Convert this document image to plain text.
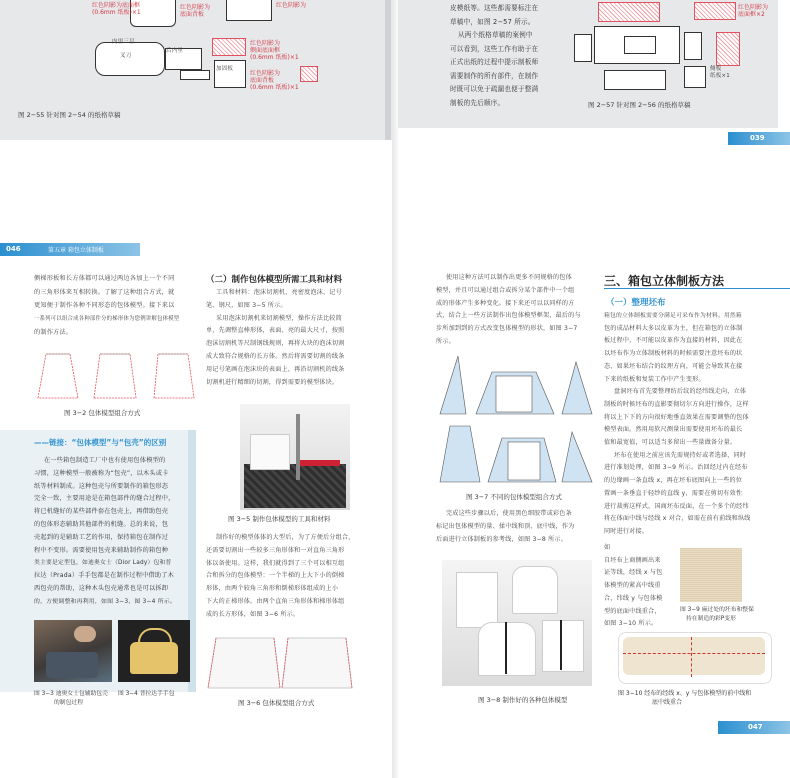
红色阴影为底面框
(0.6mm 纸板)×1
红色阴影为
底面背板
红色阴影为
内里三层
叉刀
后内里
加固板
红色阴影为
侧面底面框
(0.6mm 纸板)×1
红色阴影为
底面背板
(0.6mm 纸板)×1
图 2−55 针对图 2−54 的纸格草稿
皮模纸等。这些都需要标注在
草稿中，如图 2−57 所示。
从两个纸格草稿的案例中
可以看到，这些工作有助于在
正式出纸的过程中提示制板师
需要制作的所有部件，在制作
时既可以免于疏漏也便于整满
制板的先后顺序。
红色阴影为
底面框×2
侧板
纸板×1
图 2−57 针对图 2−56 的纸格草稿
039
046	第五章 箱包立体制板
侧梯形板和长方体都可以通过两边各加上一个不同
的三角形体来互相转换。了解了这种组合方式，就
更知便于制作各种不同形态的包体模型。接下来以
一系列可以组合成各种部件分的梯形体为您例讲解包体模型
的制作方法。
图 3−2 包体模型组合方式
——链接：“包体模型”与“包壳”的区别
在一些箱包制造工厂中也有使用包体模型的
习惯，这种模型一般被称为“包壳”，以木头或卡
纸等材料制成。这种包壳与所要制作的箱包形态
完全一致，主要用途是在箱包部件的缝合过程中，
将已机缝好的某些部件套在包壳上，再借助包壳
的包体形态辅助其他部件的机缝。总的来说，包
壳起到的是辅助工艺的作用，保持箱包在制作过
程中不变形。需要使用包壳来辅助制作的箱包种
类主要是定型包，如迪奥女士（Dior Lady）包和普
拉达（Prada）手手包都是在制作过程中借助了木
西包壳的帮助，这种木头包壳通常也是可以拆卸
的，方便调整和再利用，如图 3−3、图 3−4 所示。
图 3−3 迪奥女士包辅助包壳
的制包过程
图 3−4 普拉达手手包
（二）制作包体模型所需工具和材料
工具和材料：泡沫切割机、亮密度泡沫、记号
笔、钢尺，如图 3−5 所示。
采用泡沫切割机来切割模型，操作方法比较简
单，先调整直棒形体，表面、亮的最大尺寸，按照
泡沫切割机等尺制钢线规则，再将大块的泡沫切割
成大致符合规格的长方体。然后将需要切割的线条
用记号笔画在泡沫块的表面上，再沿切割机的线条
切割机进行精细的切割，得到需要的模型体块。
图 3−5 制作包体模型的工具和材料
制作好的模型体体的大型后，为了方便后分组合，
还需要切割出一些较多三角形体和一对直角三角形
体以备使用。这样，我们就得到了三个可以相互组
合和拆分的包体模型：一个半梯的上大下小的倒梯
形体，由两个较角三角形和倒梯形体组成的上小
下大的正梯形体，由两个直角三角形体和梯形体组
成的长方形体，如图 3−6 所示。
图 3−6 包体模型组合方式
使用这种方法可以制作出更多不同规格的包体
模型，并且可以通过组合或拆分某个部件中一个组
成的形体产生多种变化。接下来还可以以同样的方
式，结合上一些方法制作出包体模型框架，最后的与
步所加到到的方式改变包体模型的形状，如图 3−7
所示。
图 3−7 不同的包体模型组合方式
完成这些步骤以后，使用黑色细胶带或彩色条
标记出包体模型的量、揉中线和顶、底中线，作为
后面进行立体制板的参考线，如图 3−8 所示。
图 3−8 制作好的各种包体模型
三、箱包立体制板方法
（一）整理坯布
箱包的立体制板需要分满足可采布作为材料。用然箱
包的成品材料大多以皮革为主，但在箱包的立体制
板过程中，不可能以皮革作为直接的材料，因此在
以坯布作为立体制板材料的时候需要注意坯布的状
态，如果坯布结合的纹理方向，可能会导致其在接
下来的纸板和复装工作中产生变形。
盘洞坯布首先要整理纺后纹的经纬线走向，立体
制板的时候坯布的直影要彻切尔方向进行操作，这样
将以上下下的方向很好地垂直效果在需要调整的包体
模型表面。然用用软尺测量出需要使用坯布的最长
值和最宽值，可以适当多留出一些量做备分量。
坯布在使用之前应该先需规持好或者选择，同时
进行准划处理，如图 3−9 所示。治回经过内在经布
的边缘画一条直线 x，再在坯布底图向上一些的位
置画一条垂直于轻纱的直线 y，需要在剪切有效性
进行裁剪这样式，国商坯布反面，在一个多个的经纬
将在体面中线与经线 x 对合，如需在前有前线和纵线
同时进行对接。
如
自坯布上商侧画出来
证等线，经线 x 与包
体模型的紧高中线重
合，纬线 y 与包体模
型的底面中线重合，
如图 3−10 所示。
图 3−9 麻过处的坯布和整保
持在制造的彩P变形
图 3−10 经布的经线 x、y 与包体模型的前中线和
底中线重合
047
